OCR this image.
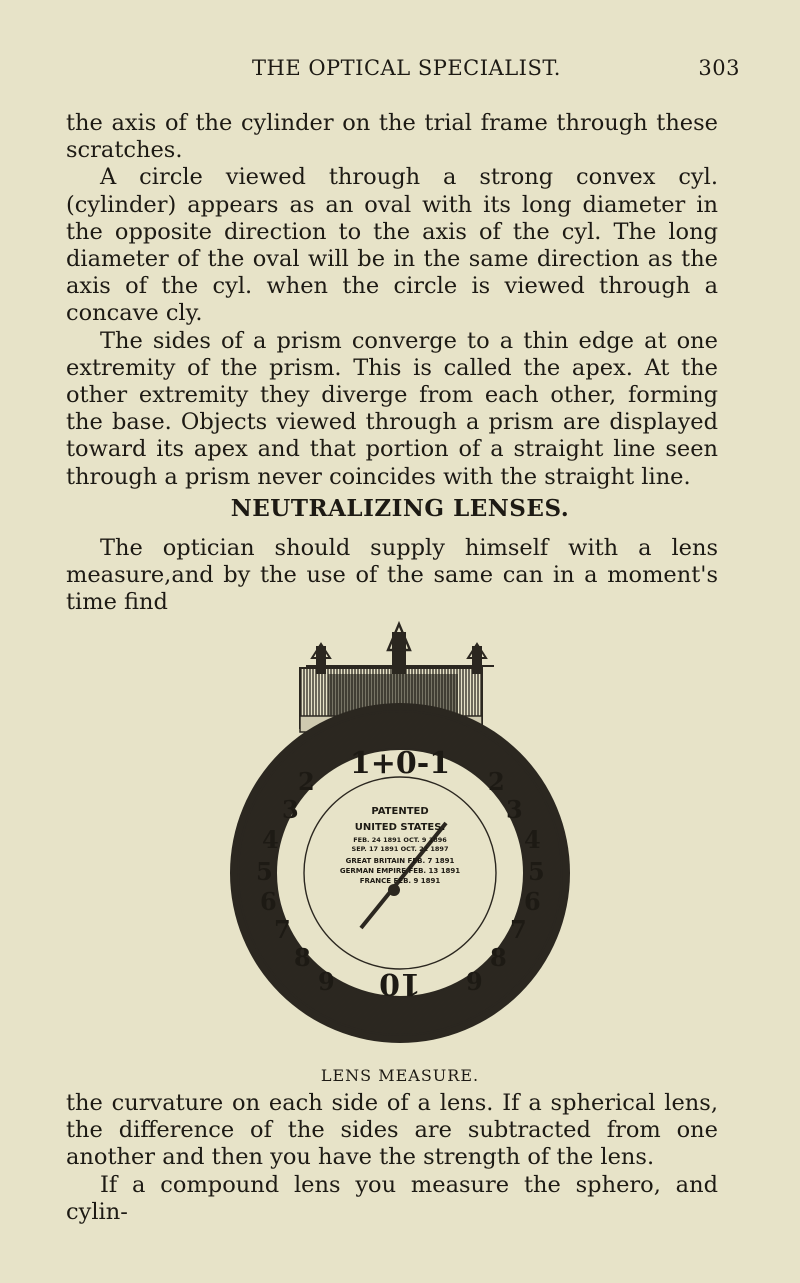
THE OPTICAL SPECIALIST.	303

the axis of the cylinder on the trial frame through these scratches.

A circle viewed through a strong convex cyl. (cylinder) appears as an oval with its long diameter in the opposite direction to the axis of the cyl. The long diameter of the oval will be in the same direction as the axis of the cyl. when the circle is viewed through a concave cly.

The sides of a prism converge to a thin edge at one extremity of the prism. This is called the apex. At the other extremity they diverge from each other, forming the base. Objects viewed through a prism are displayed toward its apex and that portion of a straight line seen through a prism never coincides with the straight line.

NEUTRALIZING LENSES.

The optician should supply himself with a lens measure,and by the use of the same can in a moment's time find

1+0-1
10
2
3
4
5
6
7
8
9
2
3
4
5
6
7
8
9
PATENTED
UNITED STATES.
FEB. 24 1891 OCT. 9 1896
SEP. 17 1891 OCT. 22 1897
GREAT BRITAIN FEB. 7 1891
GERMAN EMPIRE FEB. 13 1891
FRANCE FEB. 9 1891
LENS MEASURE.

the curvature on each side of a lens. If a spherical lens, the difference of the sides are subtracted from one another and then you have the strength of the lens.

If a compound lens you measure the sphero, and cylin-
